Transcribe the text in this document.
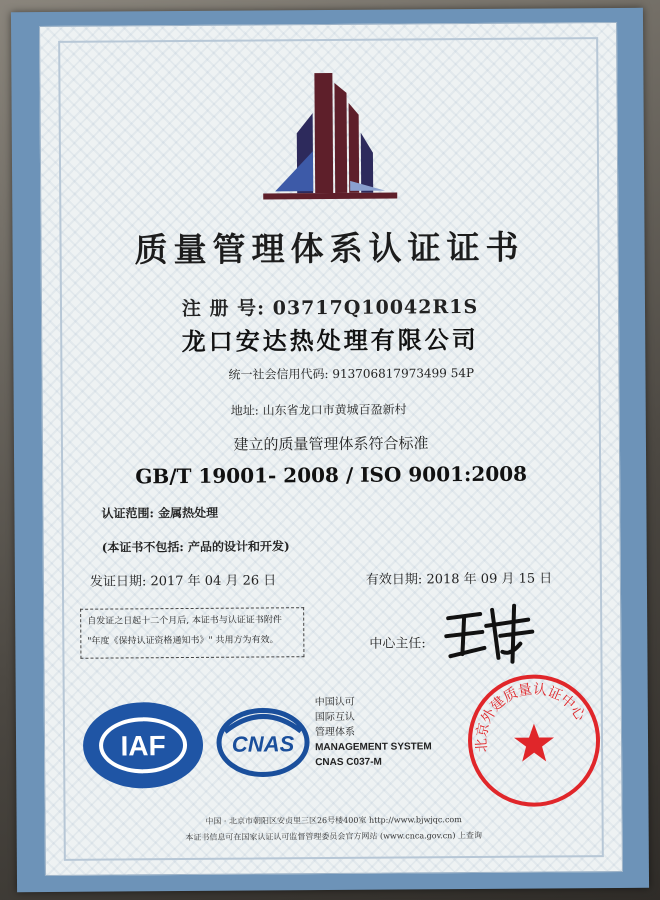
质量管理体系认证证书
注 册 号: 03717Q10042R1S
龙口安达热处理有限公司
统一社会信用代码: 913706817973499 54P
地址: 山东省龙口市黄城百盈新村
建立的质量管理体系符合标准
GB/T 19001- 2008 / ISO 9001:2008
认证范围: 金属热处理
(本证书不包括: 产品的设计和开发)
发证日期: 2017 年 04 月 26 日	有效日期: 2018 年 09 月 15 日
自发证之日起十二个月后, 本证书与认证证书附件
"年度《保持认证资格通知书》" 共用方为有效。	中心主任:
IAF	CNAS
中国认可
国际互认
管理体系
MANAGEMENT SYSTEM
CNAS C037-M
北京外建质量认证中心
中国 · 北京市朝阳区安贞里三区26号楼400室 http://www.bjwjqc.com
本证书信息可在国家认证认可监督管理委员会官方网站 (www.cnca.gov.cn) 上查询
